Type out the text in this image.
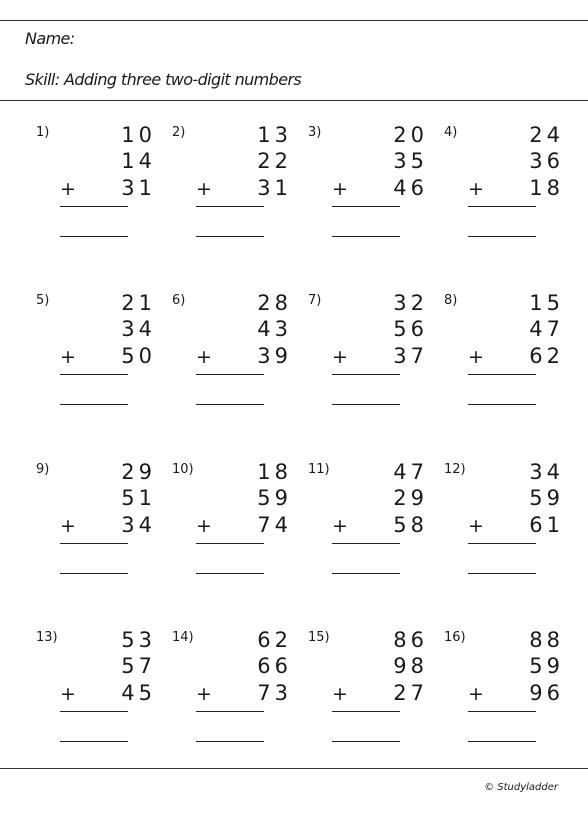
Name:
Skill: Adding three two-digit numbers
1)	10
14
31
+
2)	13
22
31
+
3)	20
35
46
+
4)	24
36
18
+
5)	21
34
50
+
6)	28
43
39
+
7)	32
56
37
+
8)	15
47
62
+
9)	29
51
34
+
10)	18
59
74
+
11)	47
29
58
+
12)	34
59
61
+
13)	53
57
45
+
14)	62
66
73
+
15)	86
98
27
+
16)	88
59
96
+
© Studyladder
